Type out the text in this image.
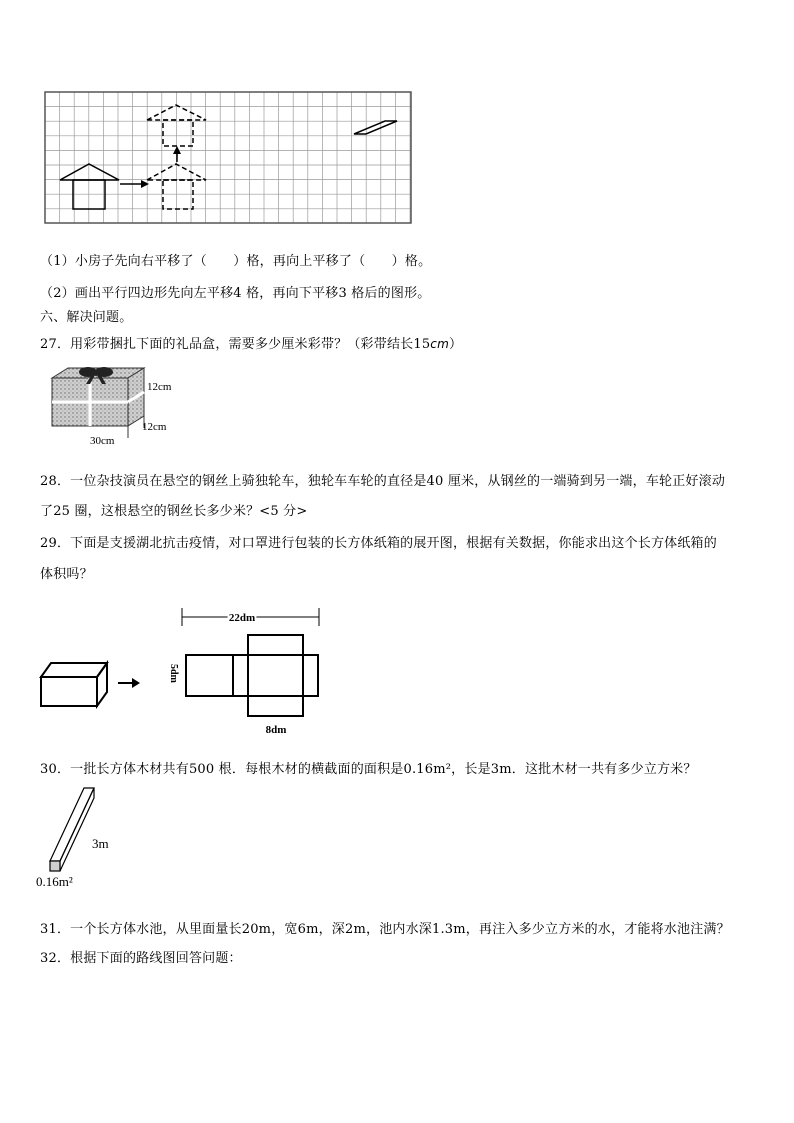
（1）小房子先向右平移了（　　）格，再向上平移了（　　）格。
（2）画出平行四边形先向左平移4 格，再向下平移3 格后的图形。
六、解决问题。
27．用彩带捆扎下面的礼品盒，需要多少厘米彩带？（彩带结长15cm）
12cm
12cm
30cm
28．一位杂技演员在悬空的钢丝上骑独轮车，独轮车车轮的直径是40 厘米，从钢丝的一端骑到另一端，车轮正好滚动
了25 圈，这根悬空的钢丝长多少米？<5 分>
29．下面是支援湖北抗击疫情，对口罩进行包装的长方体纸箱的展开图，根据有关数据，你能求出这个长方体纸箱的
体积吗？
22dm
5dm
8dm
30．一批长方体木材共有500 根．每根木材的横截面的面积是0.16m²，长是3m．这批木材一共有多少立方米？
3m
0.16m²
31．一个长方体水池，从里面量长20m，宽6m，深2m，池内水深1.3m，再注入多少立方米的水，才能将水池注满？
32．根据下面的路线图回答问题：
